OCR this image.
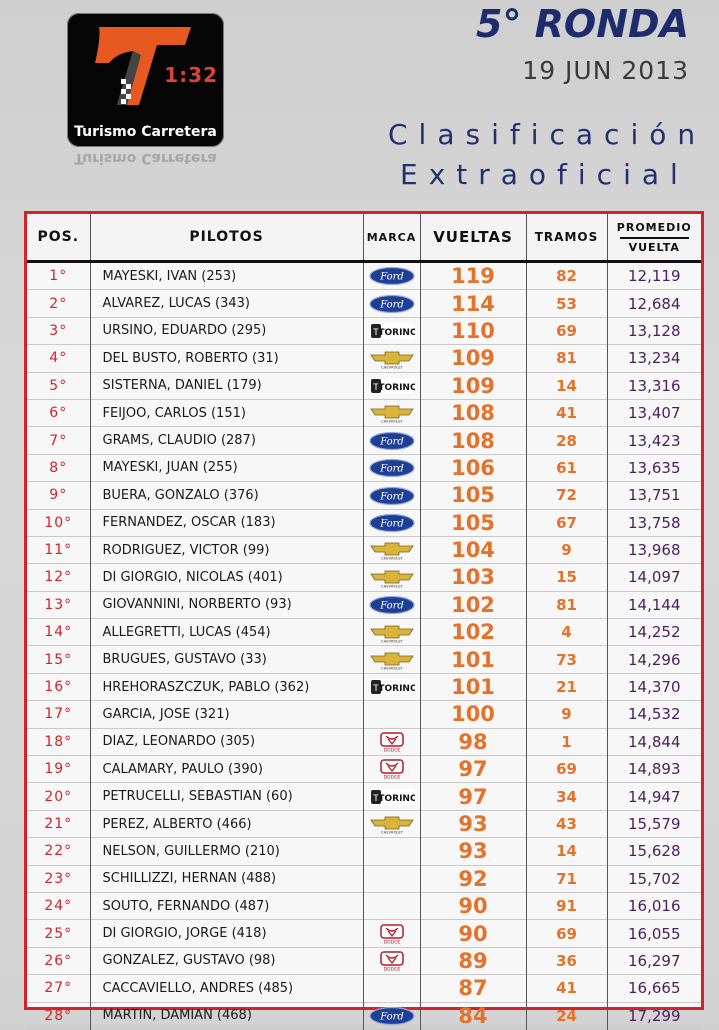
1:32
Turismo Carretera
Turismo Carretera
5° RONDA
19 JUN 2013
Clasificación
Extraoficial
POS.	PILOTOS	MARCA	VUELTAS	TRAMOS	PROMEDIO
VUELTA

1°	MAYESKI, IVAN (253)	Ford	119	82	12,119
2°	ALVAREZ, LUCAS (343)	Ford	114	53	12,684
3°	URSINO, EDUARDO (295)	T TORINO	110	69	13,128
4°	DEL BUSTO, ROBERTO (31)	CHEVROLET	109	81	13,234
5°	SISTERNA, DANIEL (179)	T TORINO	109	14	13,316
6°	FEIJOO, CARLOS (151)	CHEVROLET	108	41	13,407
7°	GRAMS, CLAUDIO (287)	Ford	108	28	13,423
8°	MAYESKI, JUAN (255)	Ford	106	61	13,635
9°	BUERA, GONZALO (376)	Ford	105	72	13,751
10°	FERNANDEZ, OSCAR (183)	Ford	105	67	13,758
11°	RODRIGUEZ, VICTOR (99)	CHEVROLET	104	9	13,968
12°	DI GIORGIO, NICOLAS (401)	CHEVROLET	103	15	14,097
13°	GIOVANNINI, NORBERTO (93)	Ford	102	81	14,144
14°	ALLEGRETTI, LUCAS (454)	CHEVROLET	102	4	14,252
15°	BRUGUES, GUSTAVO (33)	CHEVROLET	101	73	14,296
16°	HREHORASZCZUK, PABLO (362)	T TORINO	101	21	14,370
17°	GARCIA, JOSE (321)		100	9	14,532
18°	DIAZ, LEONARDO (305)	DODGE	98	1	14,844
19°	CALAMARY, PAULO (390)	DODGE	97	69	14,893
20°	PETRUCELLI, SEBASTIAN (60)	T TORINO	97	34	14,947
21°	PEREZ, ALBERTO (466)	CHEVROLET	93	43	15,579
22°	NELSON, GUILLERMO (210)		93	14	15,628
23°	SCHILLIZZI, HERNAN (488)		92	71	15,702
24°	SOUTO, FERNANDO (487)		90	91	16,016
25°	DI GIORGIO, JORGE (418)	DODGE	90	69	16,055
26°	GONZALEZ, GUSTAVO (98)	DODGE	89	36	16,297
27°	CACCAVIELLO, ANDRES (485)		87	41	16,665
28°	MARTIN, DAMIAN (468)	Ford	84	24	17,299
